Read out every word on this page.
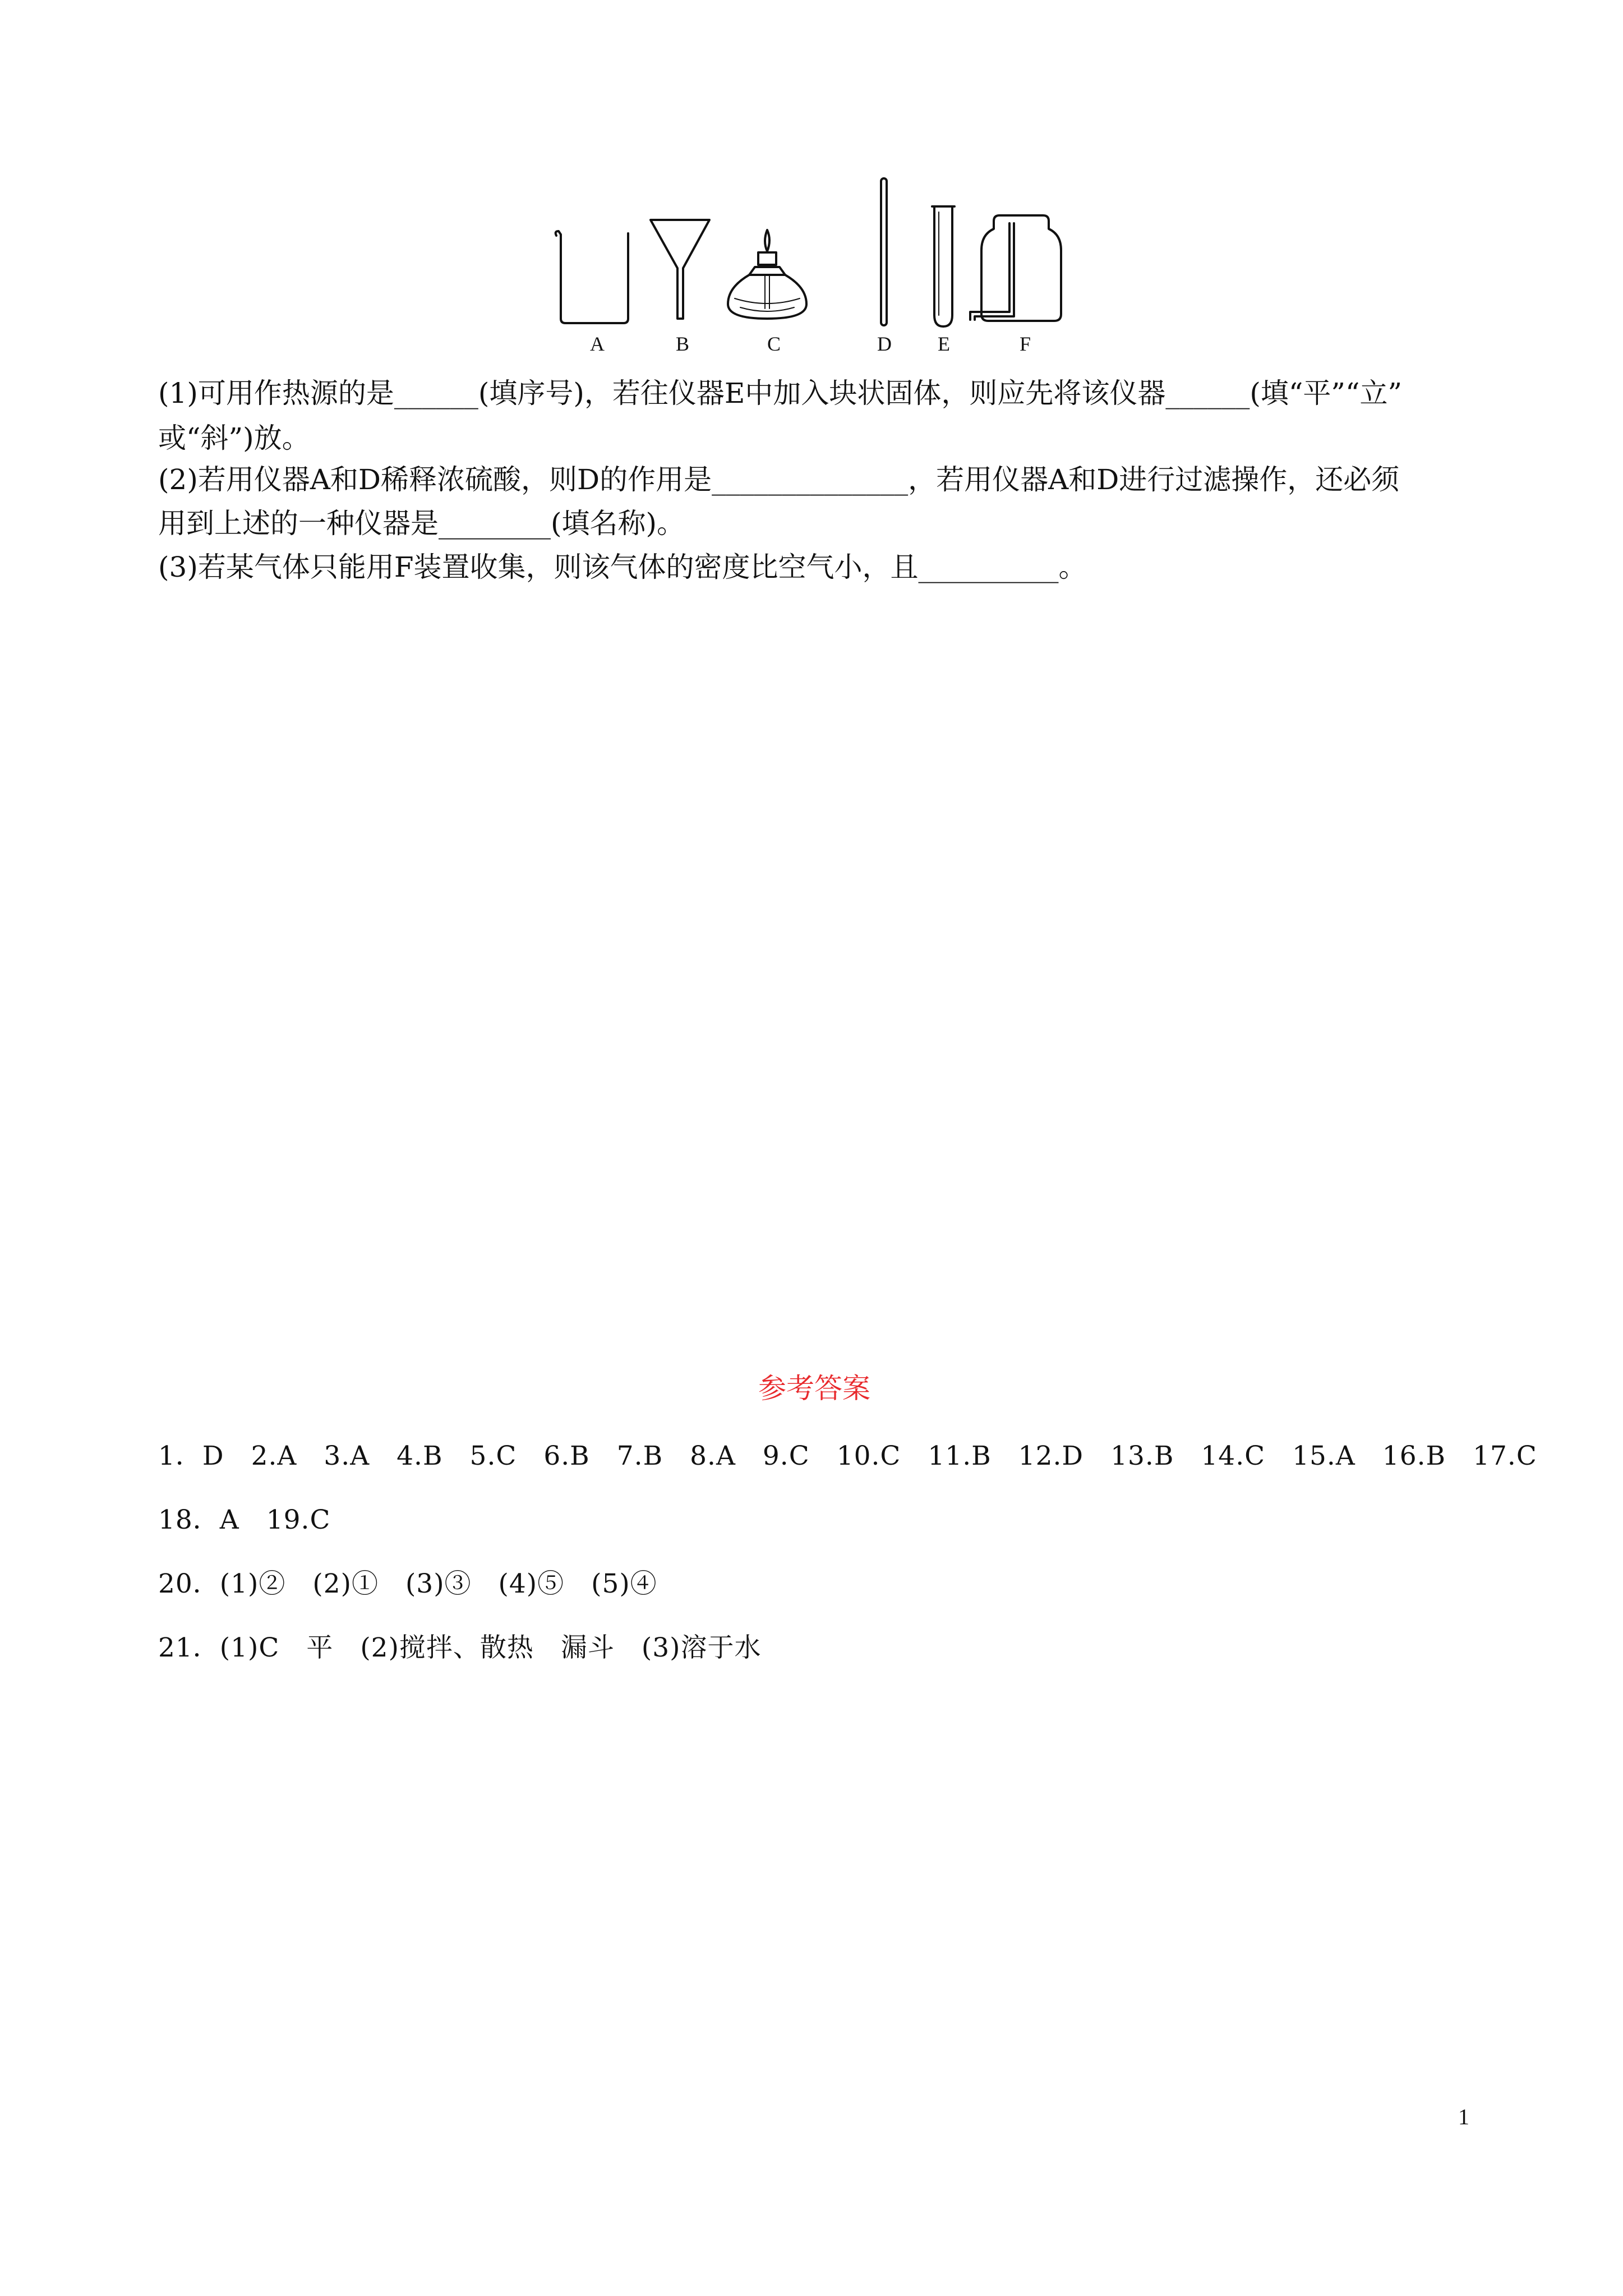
A	B	C	D E	F
(1)可用作热源的是______(填序号)，若往仪器E中加入块状固体，则应先将该仪器______(填“平”“立”
或“斜”)放。
(2)若用仪器A和D稀释浓硫酸，则D的作用是______________，若用仪器A和D进行过滤操作，还必须
用到上述的一种仪器是________(填名称)。
(3)若某气体只能用F装置收集，则该气体的密度比空气小，且__________。
参考答案
1．D　2.A　3.A　4.B　5.C　6.B　7.B　8.A　9.C　10.C　11.B　12.D　13.B　14.C　15.A　16.B　17.C
18．A　19.C
20．(1)②　(2)①　(3)③　(4)⑤　(5)④
21．(1)C　平　(2)搅拌、散热　漏斗　(3)溶于水
1
